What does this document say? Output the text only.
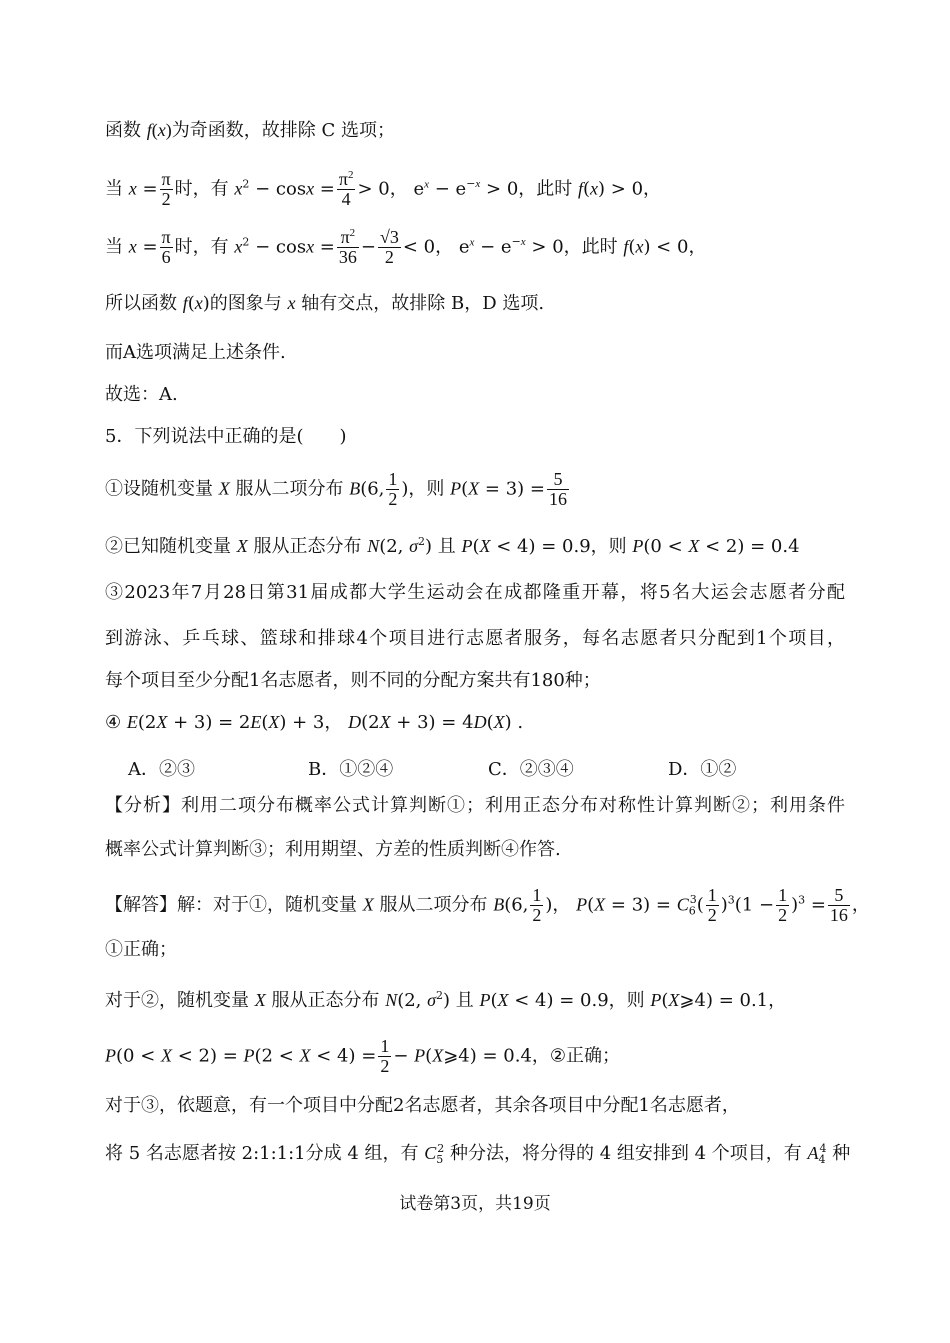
函数 f(x)为奇函数，故排除 C 选项；
当 $x = \frac{\pi}{2}$ 时，有 $x^2 - \cos x = \frac{\pi^2}{4} > 0$， $e^x - e^{-x} > 0$，此时 f(x) > 0，
当 $x = \frac{\pi}{6}$ 时，有 $x^2 - \cos x = \frac{\pi^2}{36} - \frac{√3}{2} < 0$， $e^x - e^{-x} > 0$，此时 f(x) < 0，
所以函数 f(x)的图象与 x 轴有交点，故排除 B，D 选项.
而A选项满足上述条件.
故选：A.
5．下列说法中正确的是(　　)
①设随机变量 X 服从二项分布 B(6, $\frac{1}{2}$ )，则 $P(X = 3) = \frac{5}{16}$
②已知随机变量 X 服从正态分布 N(2, $\sigma^2$) 且 P(X < 4) = 0.9，则 P(0 < X < 2) = 0.4
③2023年7月28日第31届成都大学生运动会在成都隆重开幕，将5名大运会志愿者分配
到游泳、乒乓球、篮球和排球4个项目进行志愿者服务，每名志愿者只分配到1个项目，
每个项目至少分配1名志愿者，则不同的分配方案共有180种；
④ E(2X + 3) = 2E(X) + 3， D(2X + 3) = 4D(X) .
A．②③	B．①②④	C．②③④	D．①②
【分析】利用二项分布概率公式计算判断①；利用正态分布对称性计算判断②；利用条件
概率公式计算判断③；利用期望、方差的性质判断④作答.
【解答】解：对于①，随机变量 X 服从二项分布 B(6, $\frac{1}{2}$ )， $P(X = 3) = C_6^3( \frac{1}{2} )^3(1 - \frac{1}{2} )^3 = \frac{5}{16}$ ，
①正确；
对于②，随机变量 X 服从正态分布 N(2, $\sigma^2$) 且 P(X < 4) = 0.9，则 P(X⩾4) = 0.1，
$P(0 < X < 2) = P(2 < X < 4) = \frac{1}{2}$ − P(X⩾4) = 0.4，②正确；
对于③，依题意，有一个项目中分配2名志愿者，其余各项目中分配1名志愿者，
将 5 名志愿者按 2:1:1:1分成 4 组，有 $C_5^2$ 种分法，将分得的 4 组安排到 4 个项目，有 $A_4^4$ 种
试卷第3页，共19页
